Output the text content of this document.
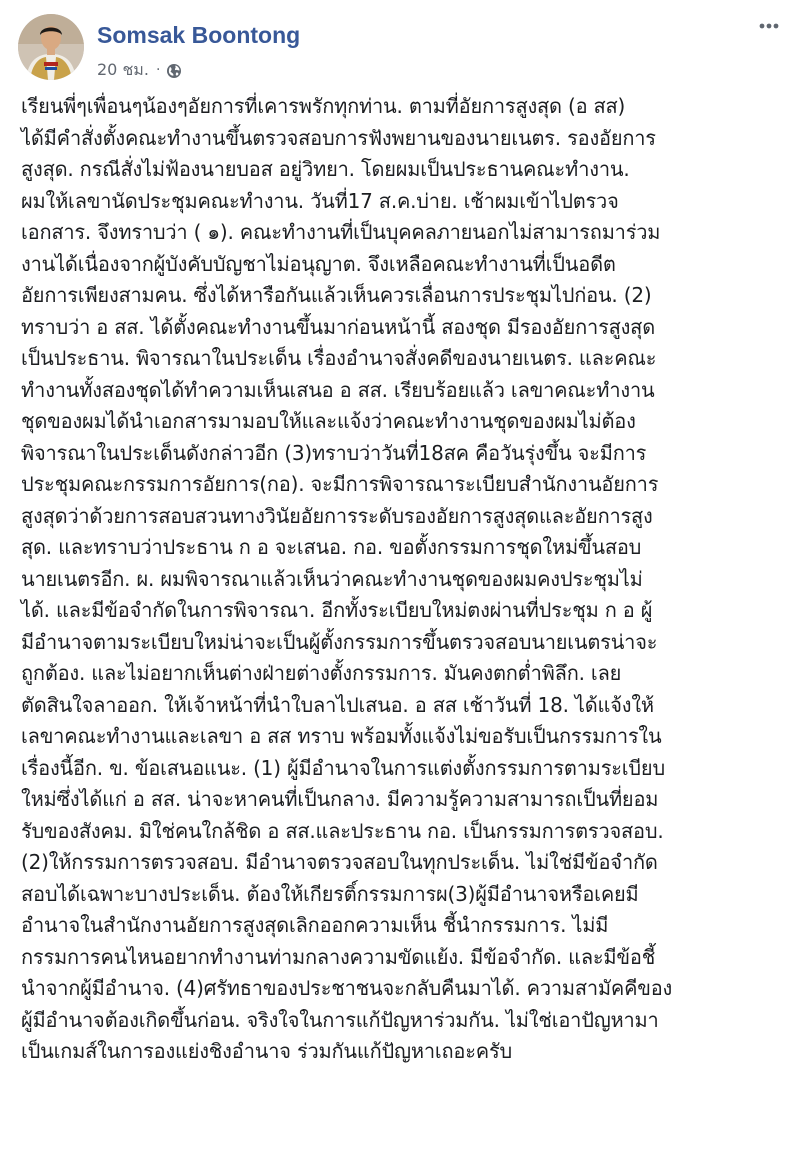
Somsak Boontong
20 ชม. ·
เรียนพี่ๆเพื่อนๆน้องๆอัยการที่เคารพรักทุกท่าน. ตามที่อัยการสูงสุด (อ สส)
ได้มีคำสั่งตั้งคณะทำงานขึ้นตรวจสอบการฟังพยานของนายเนตร. รองอัยการ
สูงสุด. กรณีสั่งไม่ฟ้องนายบอส อยู่วิทยา. โดยผมเป็นประธานคณะทำงาน.
ผมให้เลขานัดประชุมคณะทำงาน. วันที่17 ส.ค.บ่าย. เช้าผมเข้าไปตรวจ
เอกสาร. จึงทราบว่า ( ๑). คณะทำงานที่เป็นบุคคลภายนอกไม่สามารถมาร่วม
งานได้เนื่องจากผู้บังคับบัญชาไม่อนุญาต. จึงเหลือคณะทำงานที่เป็นอดีต
อัยการเพียงสามคน. ซึ่งได้หารือกันแล้วเห็นควรเลื่อนการประชุมไปก่อน. (2)
ทราบว่า อ สส. ได้ตั้งคณะทำงานขึ้นมาก่อนหน้านี้ สองชุด มีรองอัยการสูงสุด
เป็นประธาน. พิจารณาในประเด็น เรื่องอำนาจสั่งคดีของนายเนตร. และคณะ
ทำงานทั้งสองชุดได้ทำความเห็นเสนอ อ สส. เรียบร้อยแล้ว เลขาคณะทำงาน
ชุดของผมได้นำเอกสารมามอบให้และแจ้งว่าคณะทำงานชุดของผมไม่ต้อง
พิจารณาในประเด็นดังกล่าวอีก (3)ทราบว่าวันที่18สค คือวันรุ่งขึ้น จะมีการ
ประชุมคณะกรรมการอัยการ(กอ). จะมีการพิจารณาระเบียบสำนักงานอัยการ
สูงสุดว่าด้วยการสอบสวนทางวินัยอัยการระดับรองอัยการสูงสุดและอัยการสูง
สุด. และทราบว่าประธาน ก อ จะเสนอ. กอ. ขอตั้งกรรมการชุดใหม่ขึ้นสอบ
นายเนตรอีก. ผ. ผมพิจารณาแล้วเห็นว่าคณะทำงานชุดของผมคงประชุมไม่
ได้. และมีข้อจำกัดในการพิจารณา. อีกทั้งระเบียบใหม่ตงผ่านที่ประชุม ก อ ผู้
มีอำนาจตามระเบียบใหม่น่าจะเป็นผู้ตั้งกรรมการขึ้นตรวจสอบนายเนตรน่าจะ
ถูกต้อง. และไม่อยากเห็นต่างฝ่ายต่างตั้งกรรมการ. มันคงตกต่ำพิลึก. เลย
ตัดสินใจลาออก. ให้เจ้าหน้าที่นำใบลาไปเสนอ. อ สส เช้าวันที่ 18. ได้แจ้งให้
เลขาคณะทำงานและเลขา อ สส ทราบ พร้อมทั้งแจ้งไม่ขอรับเป็นกรรมการใน
เรื่องนี้อีก. ข. ข้อเสนอแนะ. (1) ผู้มีอำนาจในการแต่งตั้งกรรมการตามระเบียบ
ใหม่ซึ่งได้แก่ อ สส. น่าจะหาคนที่เป็นกลาง. มีความรู้ความสามารถเป็นที่ยอม
รับของสังคม. มิใช่คนใกล้ชิด อ สส.และประธาน กอ. เป็นกรรมการตรวจสอบ.
(2)ให้กรรมการตรวจสอบ. มีอำนาจตรวจสอบในทุกประเด็น. ไม่ใช่มีข้อจำกัด
สอบได้เฉพาะบางประเด็น. ต้องให้เกียรติ์กรรมการผ(3)ผู้มีอำนาจหรือเคยมี
อำนาจในสำนักงานอัยการสูงสุดเลิกออกความเห็น ชี้นำกรรมการ. ไม่มี
กรรมการคนไหนอยากทำงานท่ามกลางความขัดแย้ง. มีข้อจำกัด. และมีข้อชี้
นำจากผู้มีอำนาจ. (4)ศรัทธาของประชาชนจะกลับคืนมาได้. ความสามัคคีของ
ผู้มีอำนาจต้องเกิดขึ้นก่อน. จริงใจในการแก้ปัญหาร่วมกัน. ไม่ใช่เอาปัญหามา
เป็นเกมส์ในการองแย่งชิงอำนาจ ร่วมกันแก้ปัญหาเถอะครับ
